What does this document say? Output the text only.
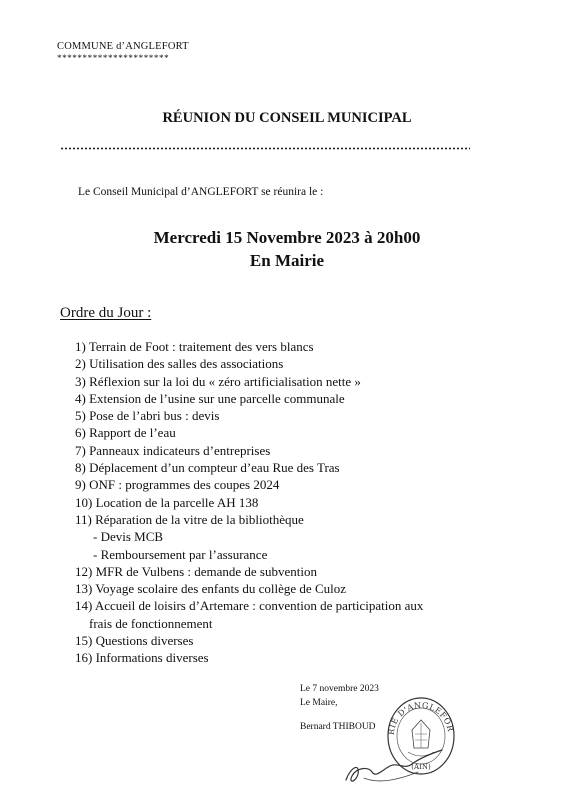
COMMUNE d’ANGLEFORT
**********************
RÉUNION DU CONSEIL MUNICIPAL
Le Conseil Municipal d’ANGLEFORT se réunira le :
Mercredi 15 Novembre 2023 à 20h00
En Mairie
Ordre du Jour :
1) Terrain de Foot : traitement des vers blancs
2) Utilisation des salles des associations
3) Réflexion sur la loi du « zéro artificialisation nette »
4) Extension de l’usine sur une parcelle communale
5) Pose de l’abri bus : devis
6) Rapport de l’eau
7) Panneaux indicateurs d’entreprises
8) Déplacement d’un compteur d’eau Rue des Tras
9) ONF : programmes des coupes 2024
10) Location de la parcelle AH 138
11) Réparation de la vitre de la bibliothèque
- Devis MCB
- Remboursement par l’assurance
12) MFR de Vulbens : demande de subvention
13) Voyage scolaire des enfants du collège de Culoz
14) Accueil de loisirs d’Artemare : convention de participation aux
frais de fonctionnement
15) Questions diverses
16) Informations diverses
Le 7 novembre 2023
Le Maire,
Bernard THIBOUD RIE D'ANGLEFOR
(AIN)
